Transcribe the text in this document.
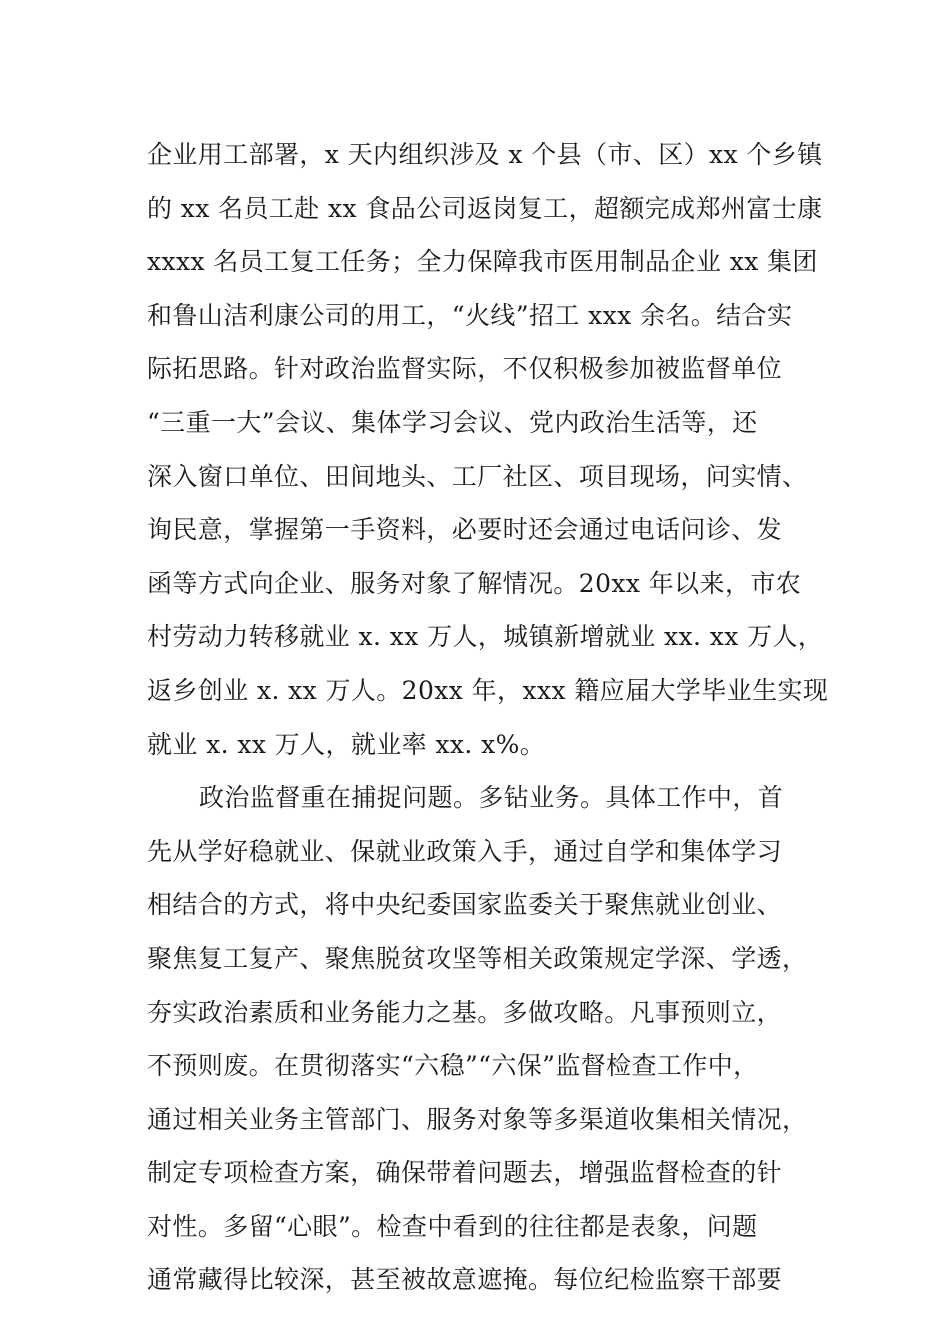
企业用工部署，x 天内组织涉及 x 个县（市、区）xx 个乡镇
的 xx 名员工赴 xx 食品公司返岗复工，超额完成郑州富士康
xxxx 名员工复工任务；全力保障我市医用制品企业 xx 集团
和鲁山洁利康公司的用工，“火线”招工 xxx 余名。结合实
际拓思路。针对政治监督实际，不仅积极参加被监督单位
“三重一大”会议、集体学习会议、党内政治生活等，还
深入窗口单位、田间地头、工厂社区、项目现场，问实情、
询民意，掌握第一手资料，必要时还会通过电话问诊、发
函等方式向企业、服务对象了解情况。20xx 年以来，市农
村劳动力转移就业 x. xx 万人，城镇新增就业 xx. xx 万人，
返乡创业 x. xx 万人。20xx 年，xxx 籍应届大学毕业生实现
就业 x. xx 万人，就业率 xx. x%。
政治监督重在捕捉问题。多钻业务。具体工作中，首
先从学好稳就业、保就业政策入手，通过自学和集体学习
相结合的方式，将中央纪委国家监委关于聚焦就业创业、
聚焦复工复产、聚焦脱贫攻坚等相关政策规定学深、学透，
夯实政治素质和业务能力之基。多做攻略。凡事预则立，
不预则废。在贯彻落实“六稳”“六保”监督检查工作中，
通过相关业务主管部门、服务对象等多渠道收集相关情况，
制定专项检查方案，确保带着问题去，增强监督检查的针
对性。多留“心眼”。检查中看到的往往都是表象，问题
通常藏得比较深，甚至被故意遮掩。每位纪检监察干部要
